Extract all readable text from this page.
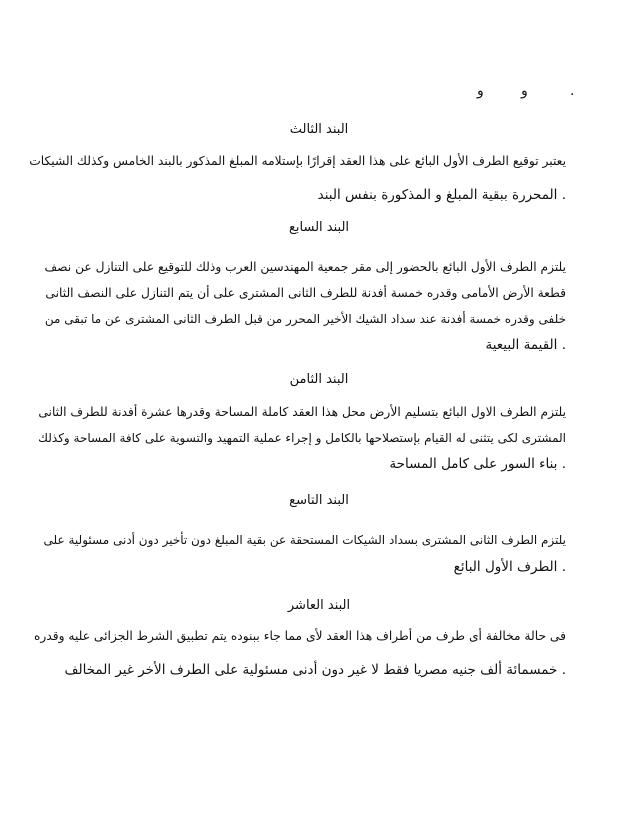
.
و
و
البند الثالث
يعتبر توقيع الطرف الأول البائع على هذا العقد إقرارًا بإستلامه المبلغ المذكور بالبند الخامس وكذلك الشيكات
. المحررة ببقية المبلغ و المذكورة بنفس البند
البند السابع
يلتزم الطرف الأول البائع بالحضور إلى مقر جمعية المهندسين العرب وذلك للتوقيع على التنازل عن نصف
قطعة الأرض الأمامى وقدره خمسة أفدنة للطرف الثانى المشترى على أن يتم التنازل على النصف الثانى
خلفى وقدره خمسة أفدنة عند سداد الشيك الأخير المحرر من قبل الطرف الثانى المشترى عن ما تبقى من
. القيمة البيعية
البند الثامن
يلتزم الطرف الاول البائع بتسليم الأرض محل هذا العقد كاملة المساحة وقدرها عشرة أفدنة للطرف الثانى
المشترى لكى يتثنى له القيام بإستصلاحها بالكامل و إجراء عملية التمهيد والتسوية على كافة المساحة وكذلك
. بناء السور على كامل المساحة
البند التاسع
يلتزم الطرف الثانى المشترى بسداد الشيكات المستحقة عن بقية المبلغ دون تأخير دون أدنى مسئولية على
. الطرف الأول البائع
البند العاشر
فى حالة مخالفة أى طرف من أطراف هذا العقد لأى مما جاء ببنوده يتم تطبيق الشرط الجزائى عليه وقدره
. خمسمائة ألف جنيه مصريا فقط لا غير دون أدنى مسئولية على الطرف الأخر غير المخالف
